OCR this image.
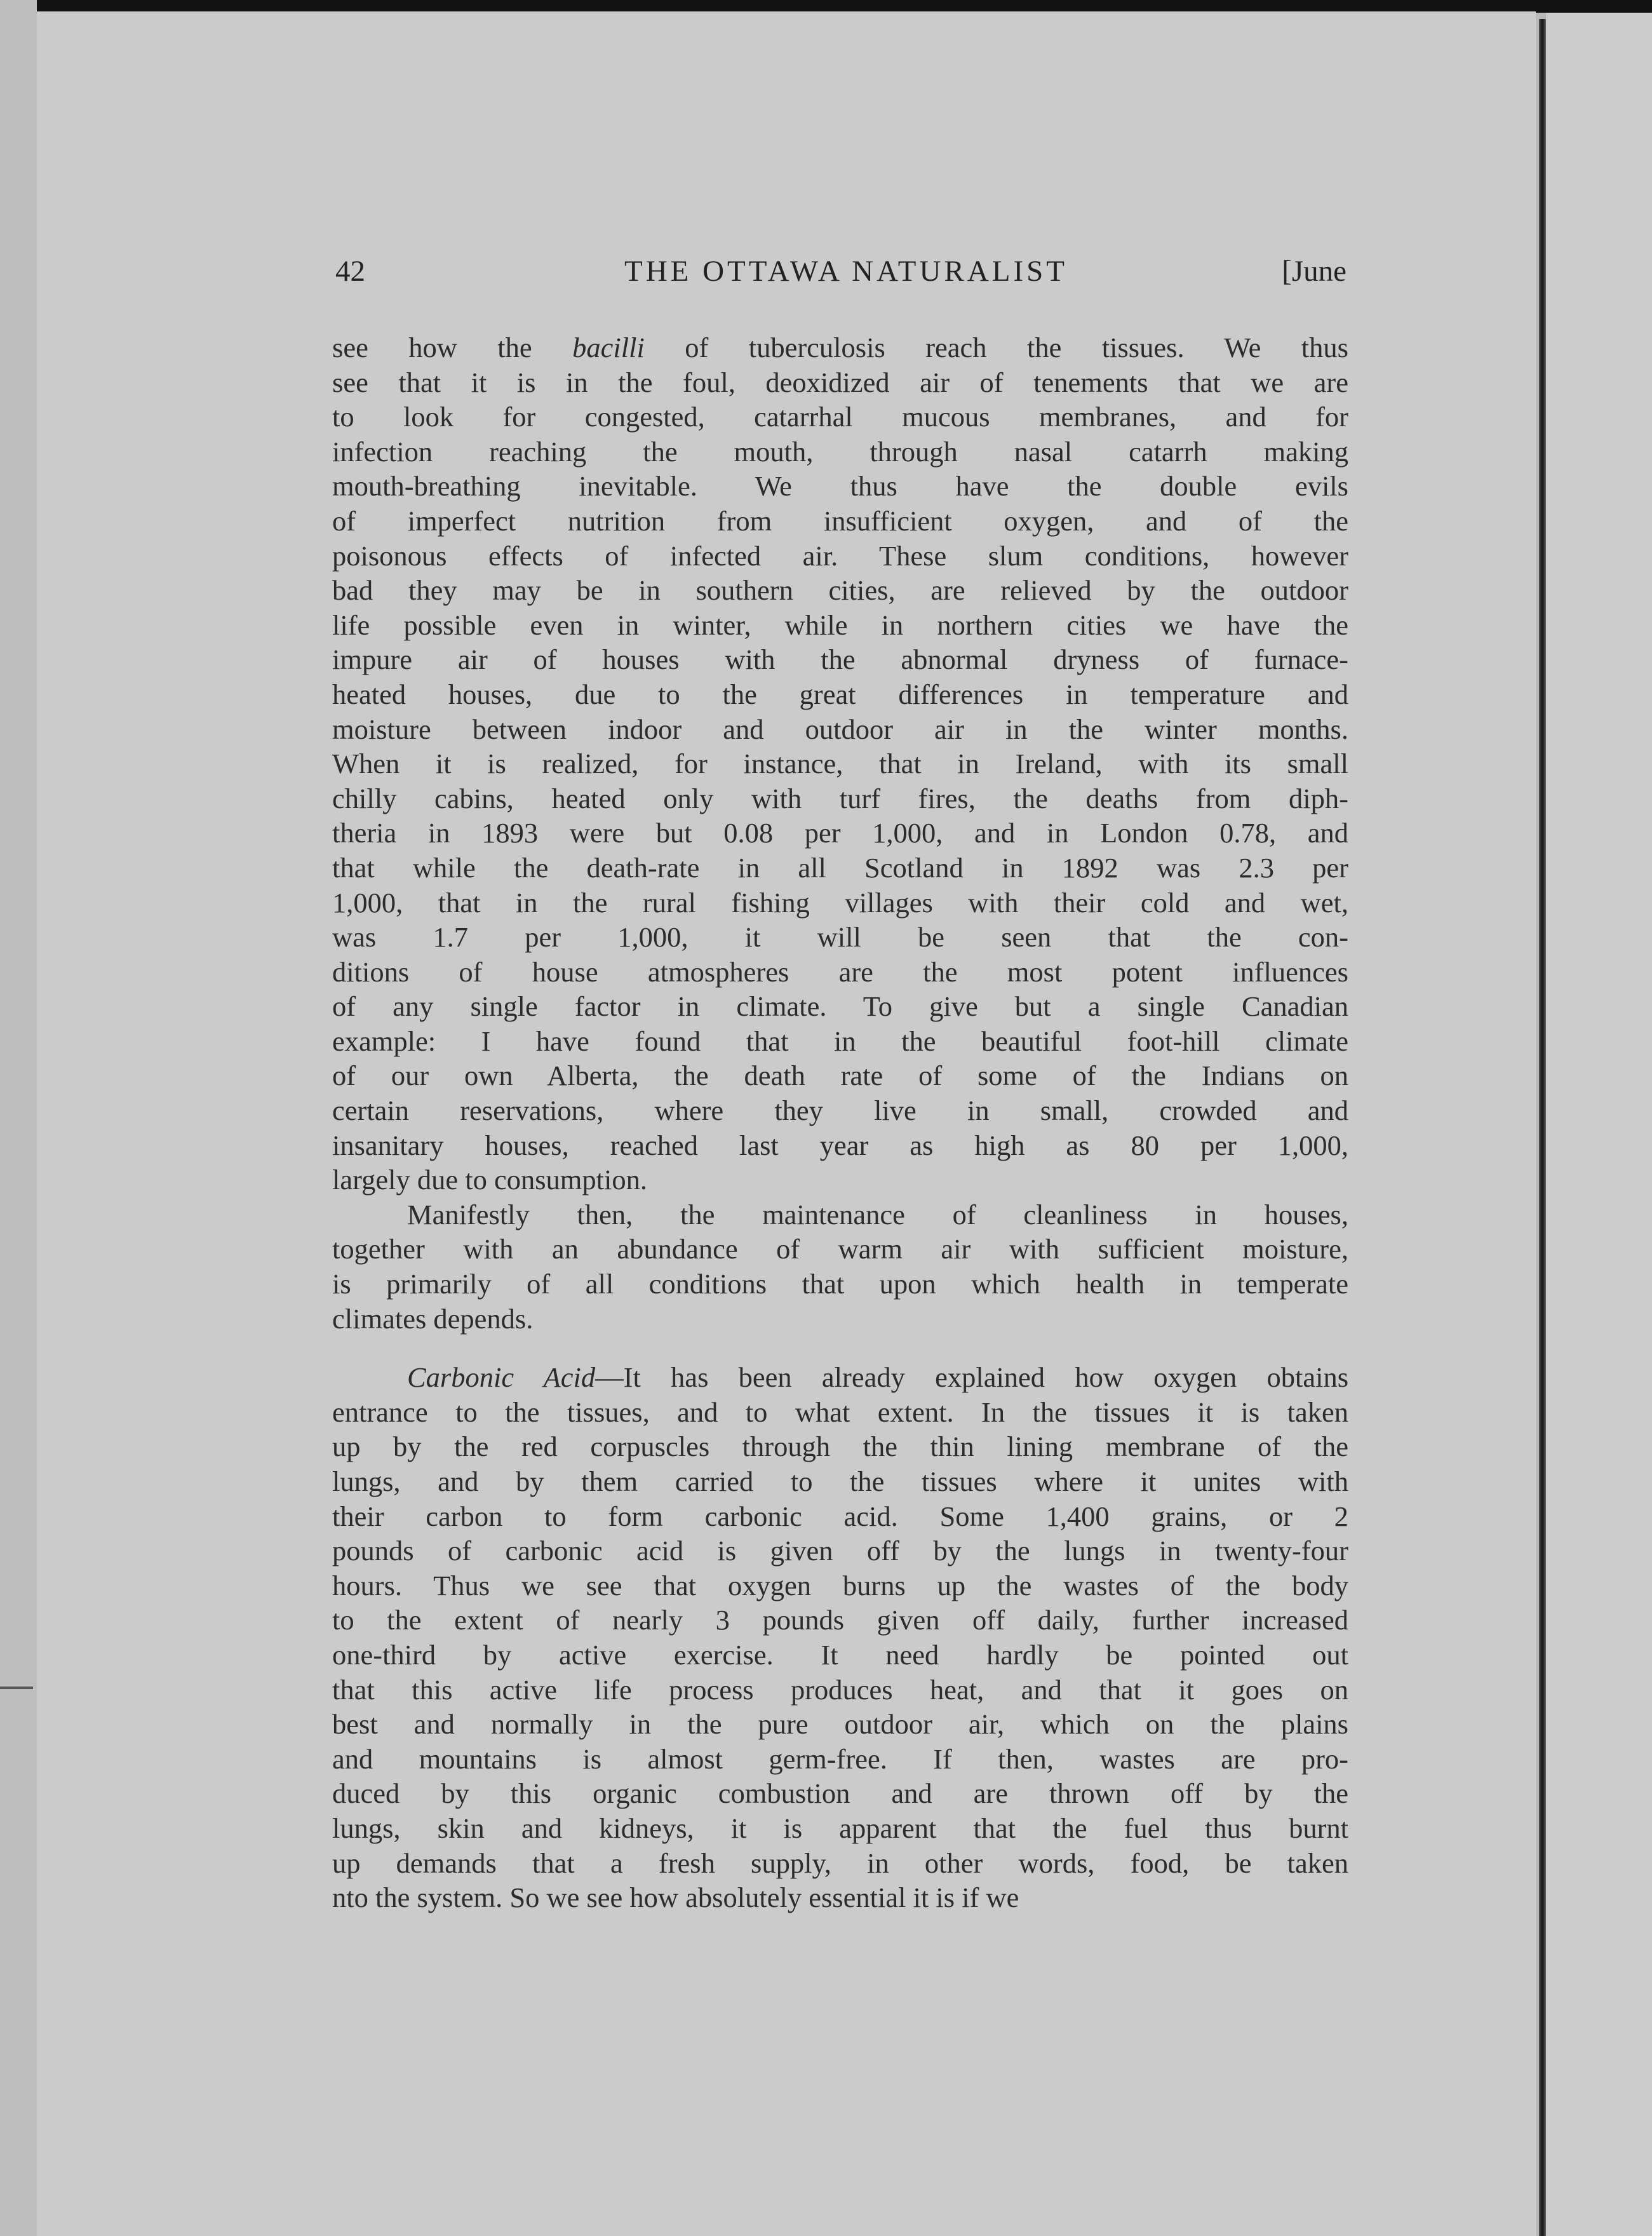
42	THE OTTAWA NATURALIST	[June
see how the bacilli of tuberculosis reach the tissues. We thus
see that it is in the foul, deoxidized air of tenements that we are
to look for congested, catarrhal mucous membranes, and for
infection reaching the mouth, through nasal catarrh making
mouth-breathing inevitable. We thus have the double evils
of imperfect nutrition from insufficient oxygen, and of the
poisonous effects of infected air. These slum conditions, however
bad they may be in southern cities, are relieved by the outdoor
life possible even in winter, while in northern cities we have the
impure air of houses with the abnormal dryness of furnace-
heated houses, due to the great differences in temperature and
moisture between indoor and outdoor air in the winter months.
When it is realized, for instance, that in Ireland, with its small
chilly cabins, heated only with turf fires, the deaths from diph-
theria in 1893 were but 0.08 per 1,000, and in London 0.78, and
that while the death-rate in all Scotland in 1892 was 2.3 per
1,000, that in the rural fishing villages with their cold and wet,
was 1.7 per 1,000, it will be seen that the con-
ditions of house atmospheres are the most potent influences
of any single factor in climate. To give but a single Canadian
example: I have found that in the beautiful foot-hill climate
of our own Alberta, the death rate of some of the Indians on
certain reservations, where they live in small, crowded and
insanitary houses, reached last year as high as 80 per 1,000,
largely due to consumption.
Manifestly then, the maintenance of cleanliness in houses,
together with an abundance of warm air with sufficient moisture,
is primarily of all conditions that upon which health in temperate
climates depends.
Carbonic Acid—It has been already explained how oxygen obtains
entrance to the tissues, and to what extent. In the tissues it is taken
up by the red corpuscles through the thin lining membrane of the
lungs, and by them carried to the tissues where it unites with
their carbon to form carbonic acid. Some 1,400 grains, or 2
pounds of carbonic acid is given off by the lungs in twenty-four
hours. Thus we see that oxygen burns up the wastes of the body
to the extent of nearly 3 pounds given off daily, further increased
one-third by active exercise. It need hardly be pointed out
that this active life process produces heat, and that it goes on
best and normally in the pure outdoor air, which on the plains
and mountains is almost germ-free. If then, wastes are pro-
duced by this organic combustion and are thrown off by the
lungs, skin and kidneys, it is apparent that the fuel thus burnt
up demands that a fresh supply, in other words, food, be taken
nto the system. So we see how absolutely essential it is if we
